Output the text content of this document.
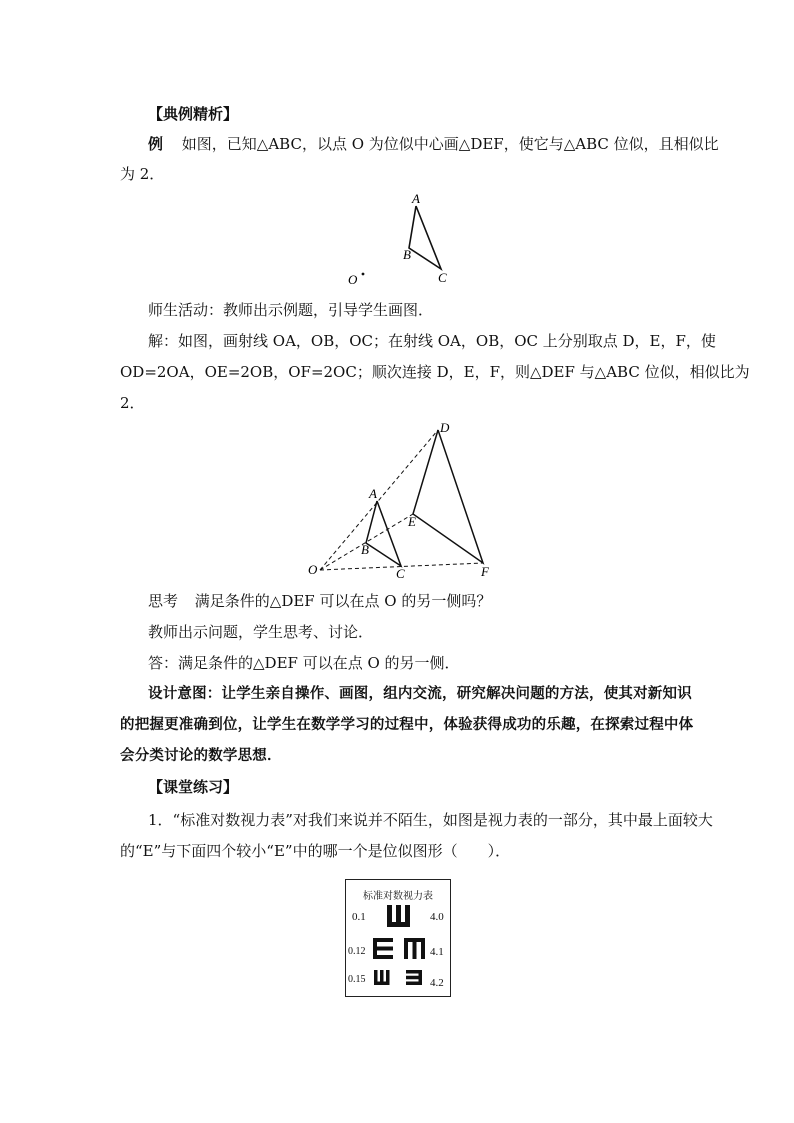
【典例精析】
例 如图，已知△ABC，以点 O 为位似中心画△DEF，使它与△ABC 位似，且相似比
为 2．
A
B
C
O
师生活动：教师出示例题，引导学生画图．
解：如图，画射线 OA，OB，OC；在射线 OA，OB，OC 上分别取点 D，E，F，使
OD=2OA，OE=2OB，OF=2OC；顺次连接 D，E，F，则△DEF 与△ABC 位似，相似比为
2．
D
A
E
B
C	F
O
思考 满足条件的△DEF 可以在点 O 的另一侧吗？
教师出示问题，学生思考、讨论．
答：满足条件的△DEF 可以在点 O 的另一侧．
设计意图：让学生亲自操作、画图，组内交流，研究解决问题的方法，使其对新知识
的把握更准确到位，让学生在数学学习的过程中，体验获得成功的乐趣，在探索过程中体
会分类讨论的数学思想．
【课堂练习】
1．“标准对数视力表”对我们来说并不陌生，如图是视力表的一部分，其中最上面较大
的“E”与下面四个较小“E”中的哪一个是位似图形（　　）．
标准对数视力表
0.1	4.0
0.12	4.1
0.15	4.2
